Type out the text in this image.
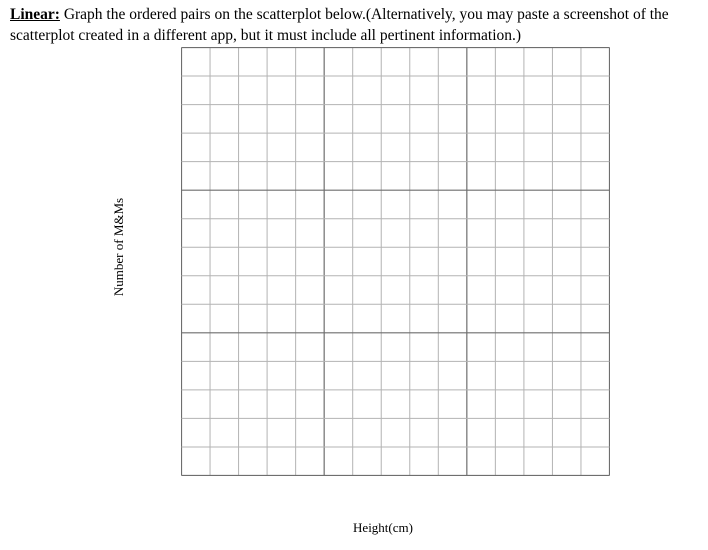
Linear: Graph the ordered pairs on the scatterplot below.(Alternatively, you may paste a screenshot of the scatterplot created in a different app, but it must include all pertinent information.)

Number of M&Ms
Height(cm)
